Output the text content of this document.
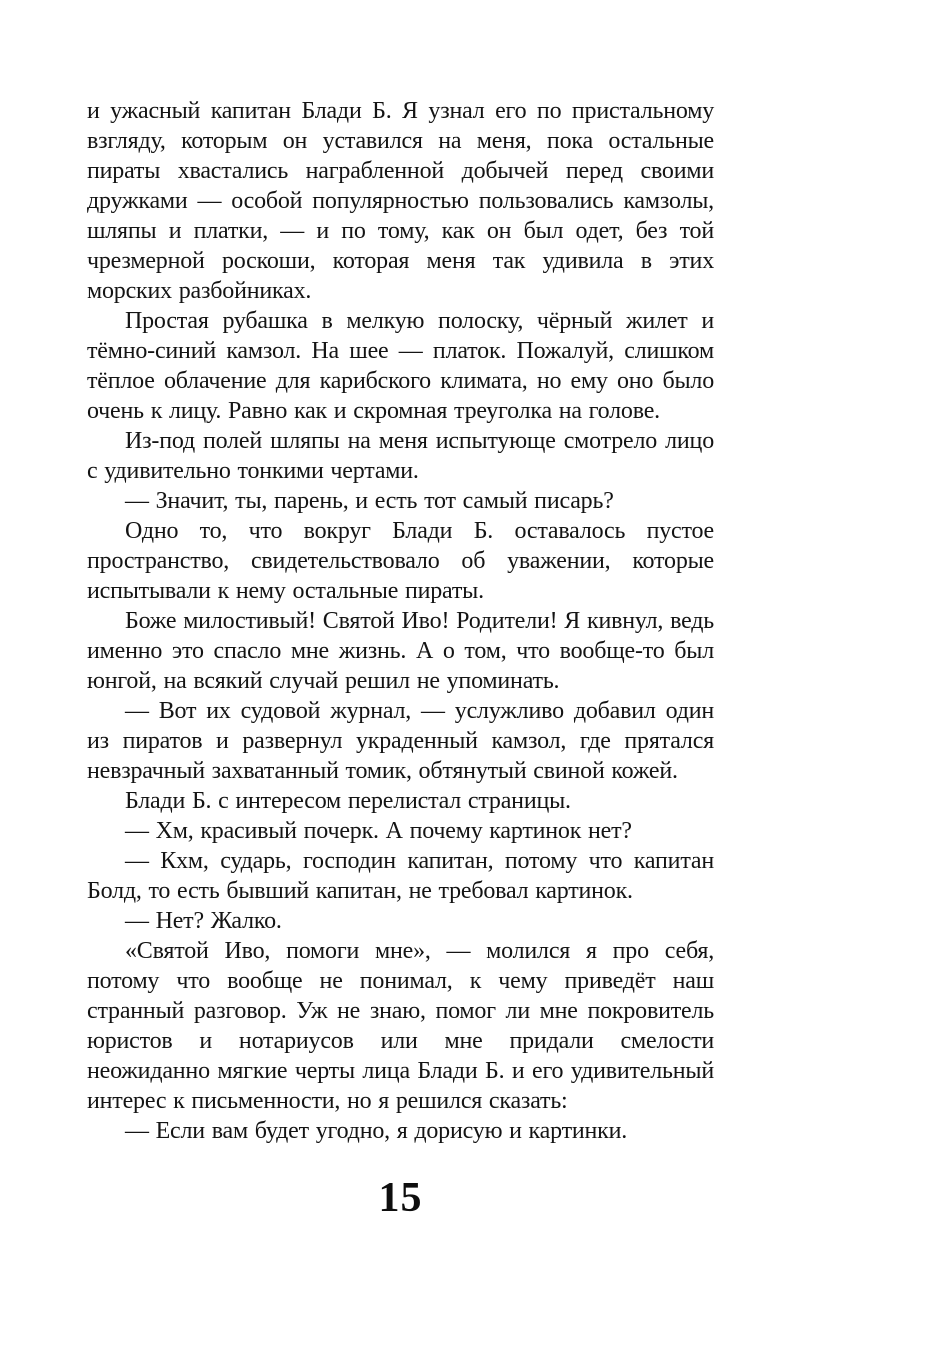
и ужасный капитан Блади Б. Я узнал его по пристальному взгляду, которым он уставился на меня, пока остальные пираты хвастались награбленной добычей перед своими дружками — особой популярностью пользовались камзолы, шляпы и платки, — и по тому, как он был одет, без той чрезмерной роскоши, которая меня так удивила в этих морских разбойниках.

Простая рубашка в мелкую полоску, чёрный жилет и тёмно-синий камзол. На шее — платок. Пожалуй, слишком тёплое облачение для карибского климата, но ему оно было очень к лицу. Равно как и скромная треуголка на голове.

Из-под полей шляпы на меня испытующе смотрело лицо с удивительно тонкими чертами.

— Значит, ты, парень, и есть тот самый писарь?

Одно то, что вокруг Блади Б. оставалось пустое пространство, свидетельствовало об уважении, которые испытывали к нему остальные пираты.

Боже милостивый! Святой Иво! Родители! Я кивнул, ведь именно это спасло мне жизнь. А о том, что вообще-то был юнгой, на всякий случай решил не упоминать.

— Вот их судовой журнал, — услужливо добавил один из пиратов и развернул украденный камзол, где прятался невзрачный захватанный томик, обтянутый свиной кожей.

Блади Б. с интересом перелистал страницы.

— Хм, красивый почерк. А почему картинок нет?

— Кхм, сударь, господин капитан, потому что капитан Болд, то есть бывший капитан, не требовал картинок.

— Нет? Жалко.

«Святой Иво, помоги мне», — молился я про себя, потому что вообще не понимал, к чему приведёт наш странный разговор. Уж не знаю, помог ли мне покровитель юристов и нотариусов или мне придали смелости неожиданно мягкие черты лица Блади Б. и его удивительный интерес к письменности, но я решился сказать:

— Если вам будет угодно, я дорисую и картинки.

15
